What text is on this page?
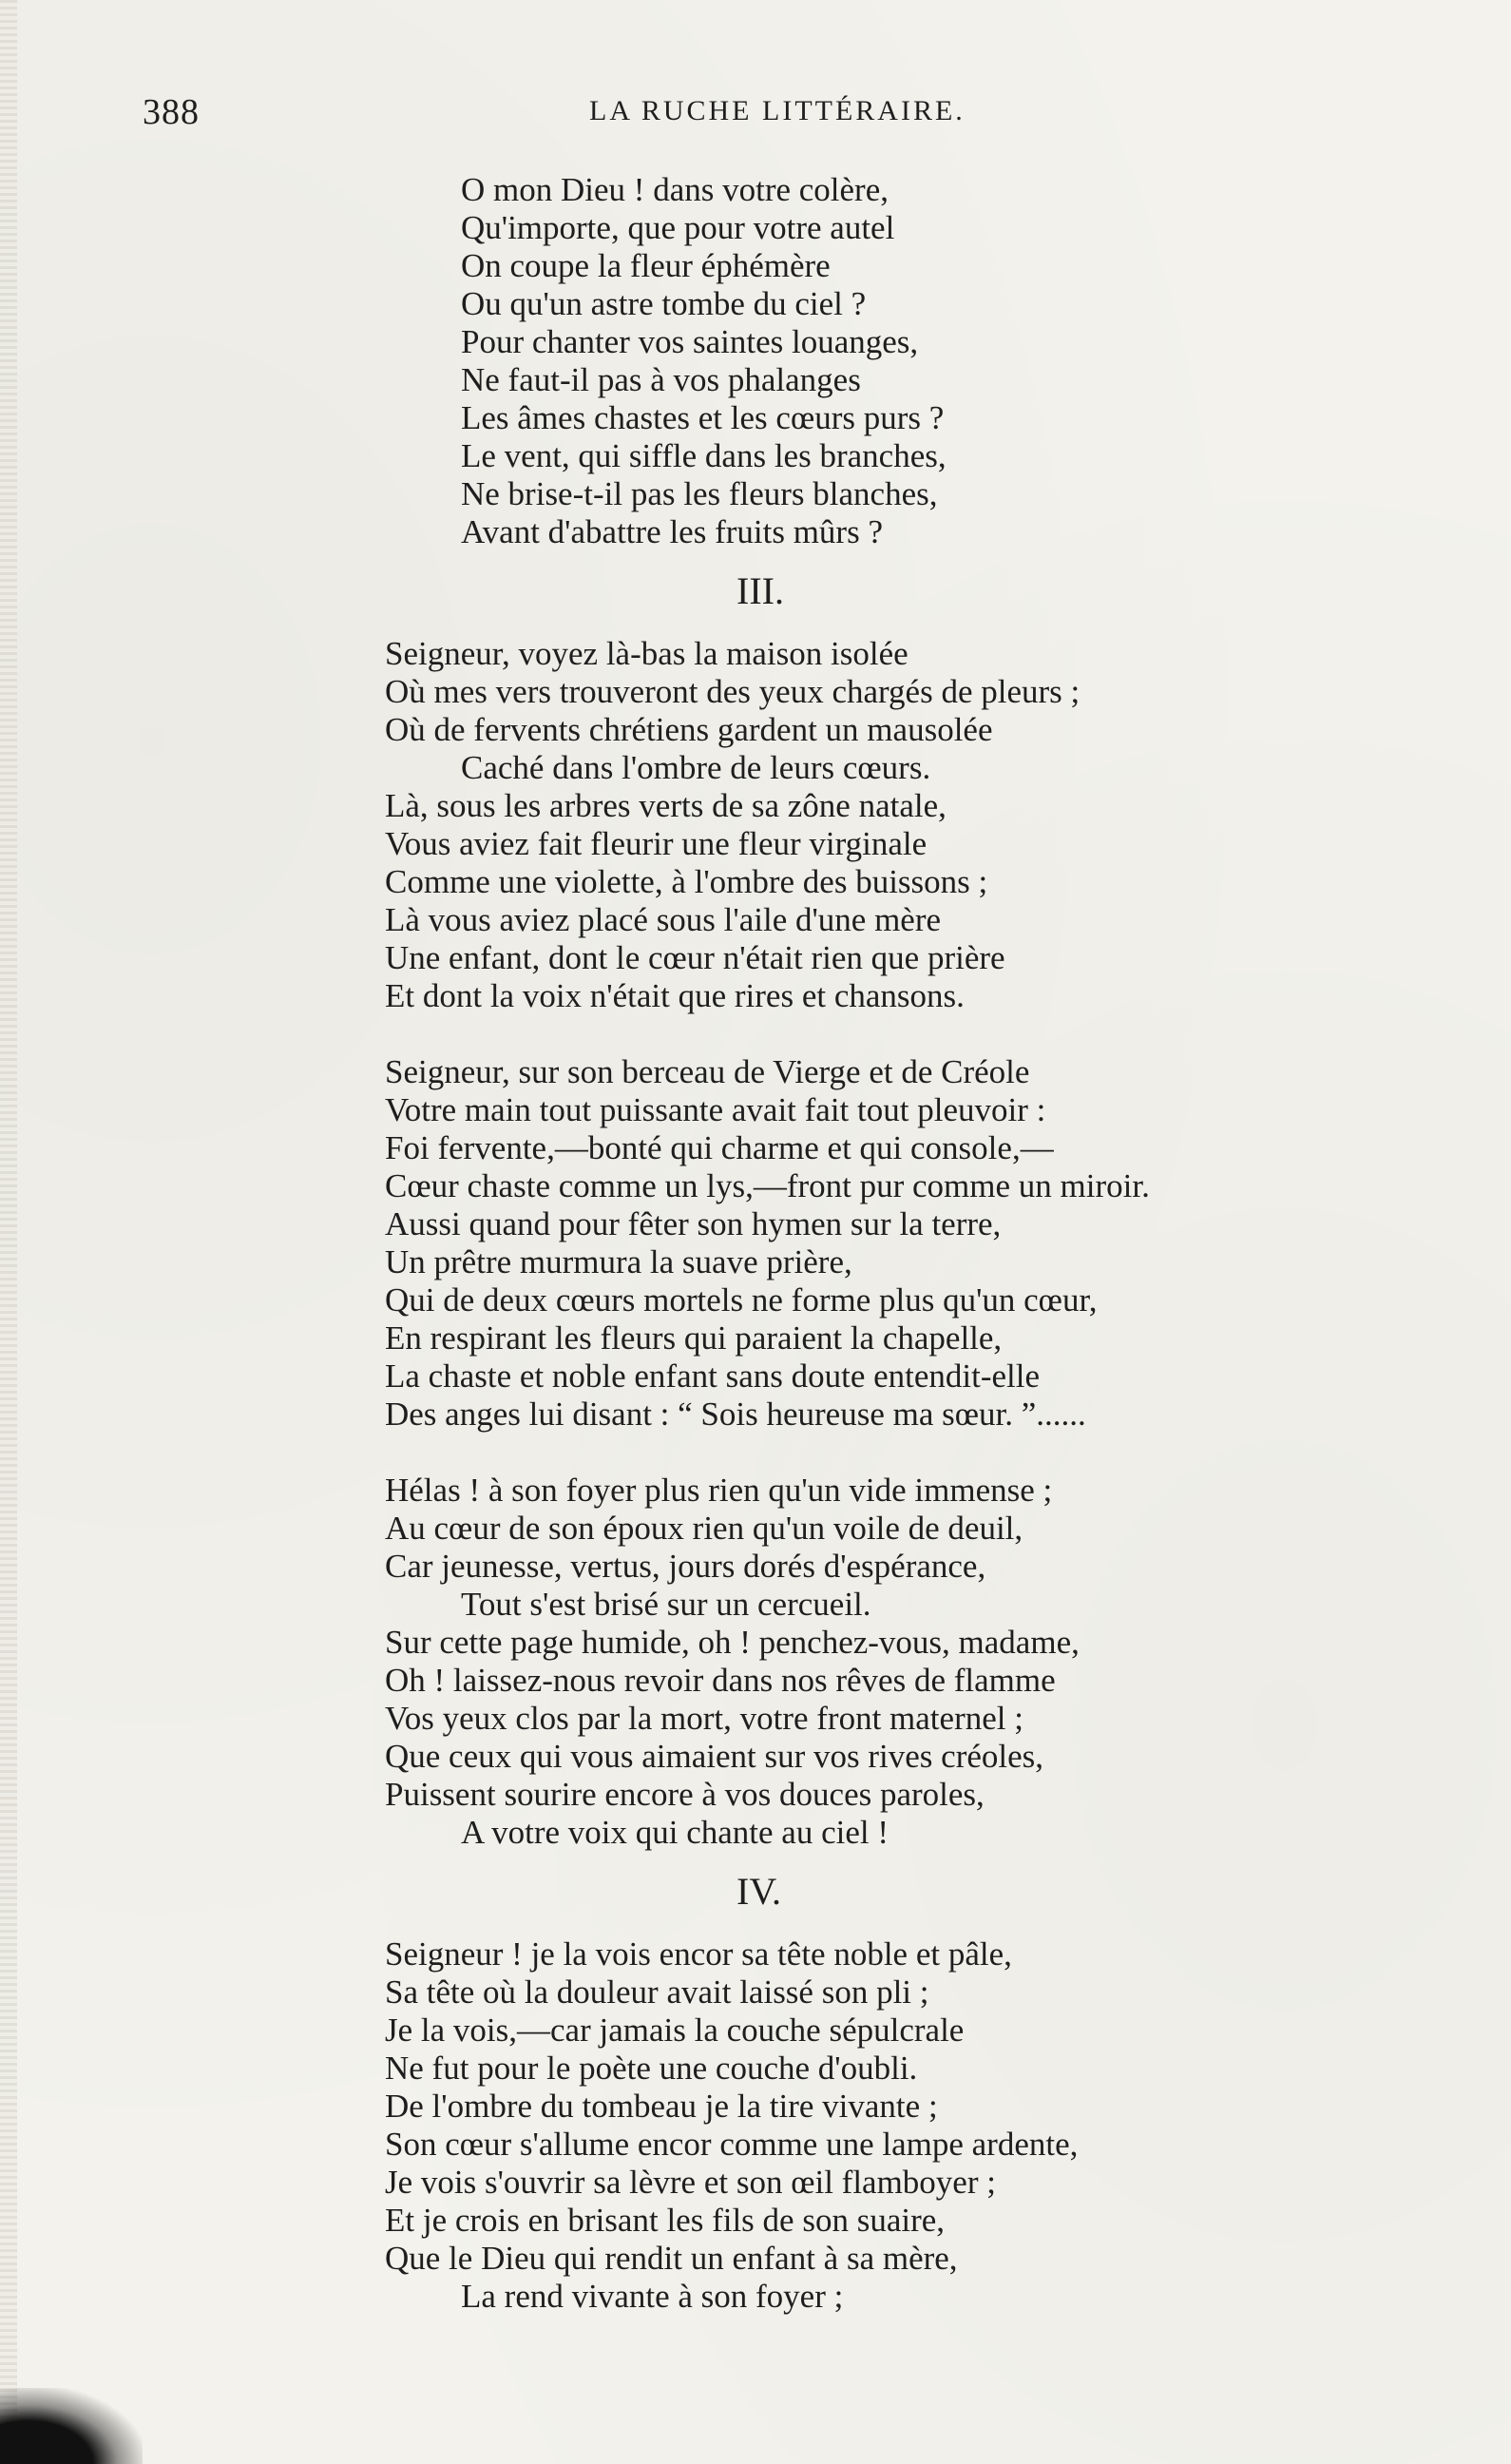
388	LA RUCHE LITTÉRAIRE.
O mon Dieu ! dans votre colère,
Qu'importe, que pour votre autel
On coupe la fleur éphémère
Ou qu'un astre tombe du ciel ?
Pour chanter vos saintes louanges,
Ne faut-il pas à vos phalanges
Les âmes chastes et les cœurs purs ?
Le vent, qui siffle dans les branches,
Ne brise-t-il pas les fleurs blanches,
Avant d'abattre les fruits mûrs ?
III.
Seigneur, voyez là-bas la maison isolée
Où mes vers trouveront des yeux chargés de pleurs ;
Où de fervents chrétiens gardent un mausolée
Caché dans l'ombre de leurs cœurs.
Là, sous les arbres verts de sa zône natale,
Vous aviez fait fleurir une fleur virginale
Comme une violette, à l'ombre des buissons ;
Là vous aviez placé sous l'aile d'une mère
Une enfant, dont le cœur n'était rien que prière
Et dont la voix n'était que rires et chansons.
Seigneur, sur son berceau de Vierge et de Créole
Votre main tout puissante avait fait tout pleuvoir :
Foi fervente,—bonté qui charme et qui console,—
Cœur chaste comme un lys,—front pur comme un miroir.
Aussi quand pour fêter son hymen sur la terre,
Un prêtre murmura la suave prière,
Qui de deux cœurs mortels ne forme plus qu'un cœur,
En respirant les fleurs qui paraient la chapelle,
La chaste et noble enfant sans doute entendit-elle
Des anges lui disant : “ Sois heureuse ma sœur. ”......
Hélas ! à son foyer plus rien qu'un vide immense ;
Au cœur de son époux rien qu'un voile de deuil,
Car jeunesse, vertus, jours dorés d'espérance,
Tout s'est brisé sur un cercueil.
Sur cette page humide, oh ! penchez-vous, madame,
Oh ! laissez-nous revoir dans nos rêves de flamme
Vos yeux clos par la mort, votre front maternel ;
Que ceux qui vous aimaient sur vos rives créoles,
Puissent sourire encore à vos douces paroles,
A votre voix qui chante au ciel !
IV.
Seigneur ! je la vois encor sa tête noble et pâle,
Sa tête où la douleur avait laissé son pli ;
Je la vois,—car jamais la couche sépulcrale
Ne fut pour le poète une couche d'oubli.
De l'ombre du tombeau je la tire vivante ;
Son cœur s'allume encor comme une lampe ardente,
Je vois s'ouvrir sa lèvre et son œil flamboyer ;
Et je crois en brisant les fils de son suaire,
Que le Dieu qui rendit un enfant à sa mère,
La rend vivante à son foyer ;
